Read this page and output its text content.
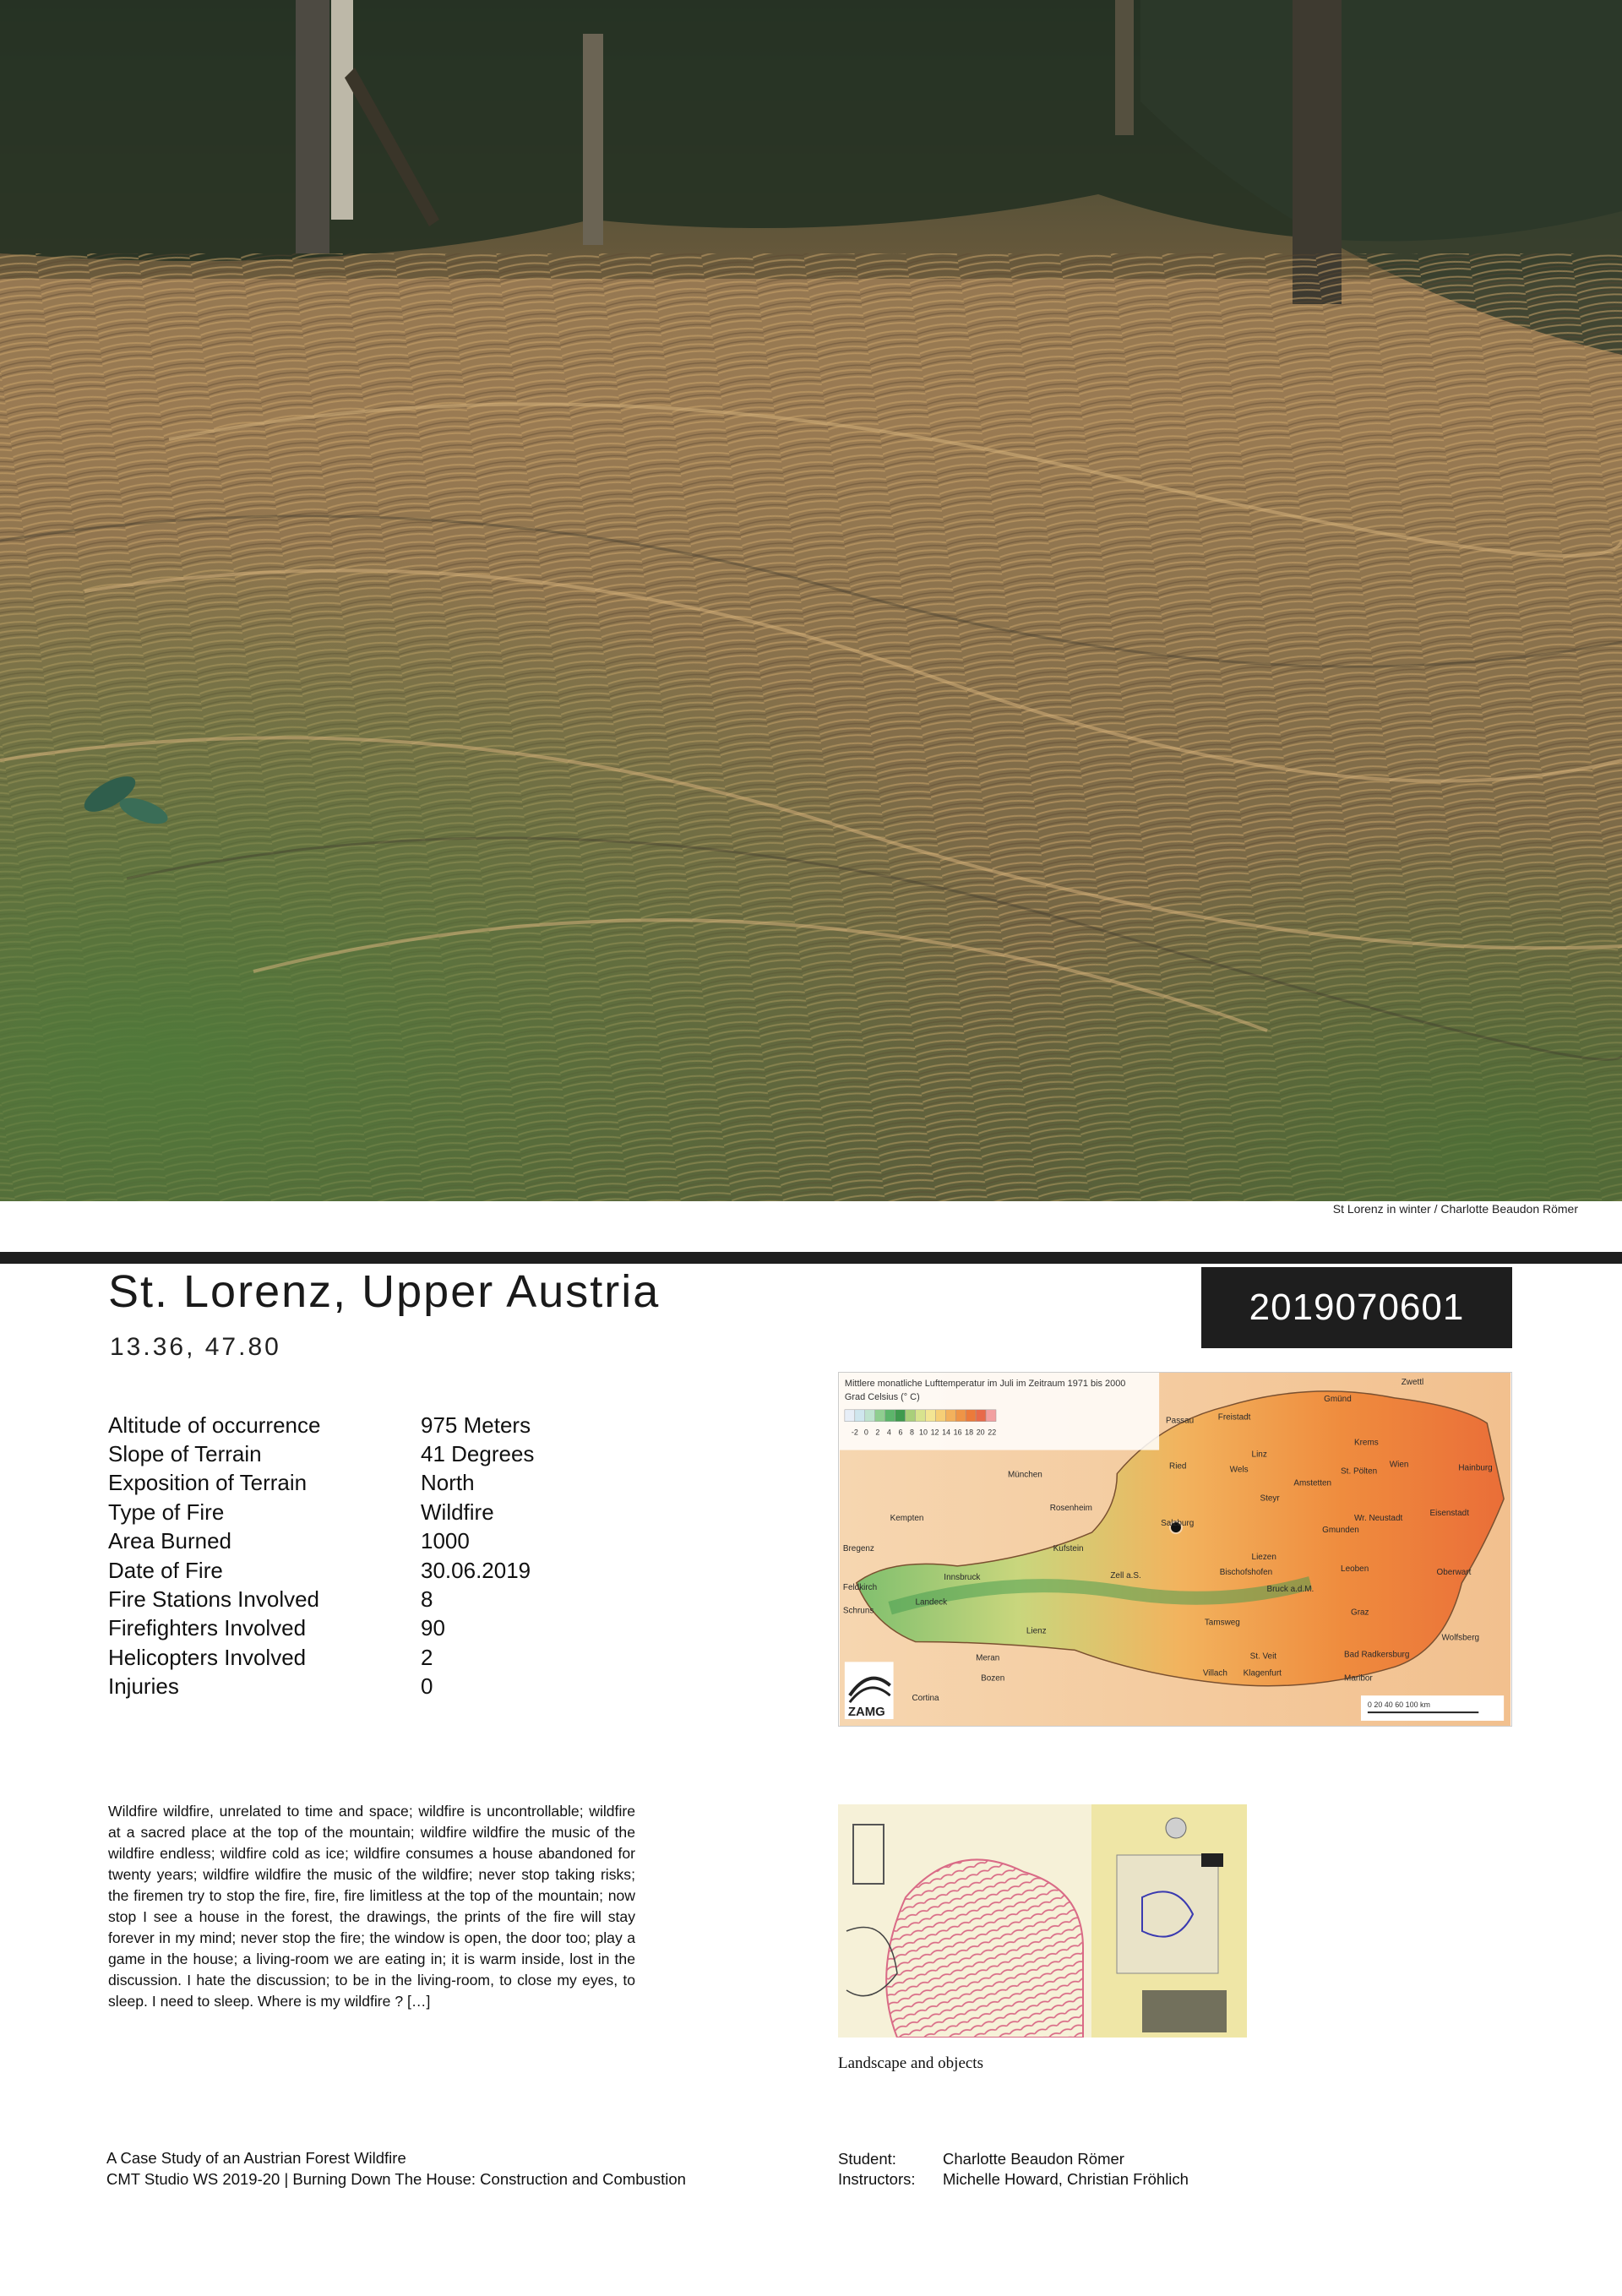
St Lorenz in winter / Charlotte Beaudon Römer
St. Lorenz, Upper Austria
13.36, 47.80
2019070601
Altitude of occurrence	975 Meters
Slope of Terrain	41 Degrees
Exposition of Terrain	North
Type of Fire	Wildfire
Area Burned	1000
Date of Fire	30.06.2019
Fire Stations Involved	8
Firefighters Involved	90
Helicopters Involved	2
Injuries	0
Mittlere monatliche Lufttemperatur im Juli im Zeitraum 1971 bis 2000
Grad Celsius (° C)
-2 0 2 4 6 8 10 12 14 16 18 20 22
ZAMG	0 20 40 60 100 km
Zwettl
Gmünd
Passau	Freistadt
Krems
Ried
Linz
Wels	St. Pölten
Wien	Hainburg
München
Steyr
Amstetten
Kempten
Rosenheim
Salzburg
Gmunden
Wr. Neustadt
Eisenstadt
Bregenz	Kufstein
Oberwart
Liezen
Feldkirch
Innsbruck	Zell a.S.	Bischofshofen	Leoben
Landeck
Bruck a.d.M.
Graz
Schruns
Tamsweg
Lienz
Wolfsberg
Meran	St. Veit	Bad Radkersburg
Bozen
Villach Klagenfurt
Maribor
Cortina

Wildfire wildfire, unrelated to time and space; wildfire is uncontrollable; wildfire at a sacred place at the top of the mountain; wildfire wildfire the music of the wildfire endless; wildfire cold as ice; wildfire consumes a house abandoned for twenty years; wildfire wildfire the music of the wildfire; never stop taking risks; the firemen try to stop the fire, fire, fire limitless at the top of the mountain; now stop I see a house in the forest, the drawings, the prints of the fire will stay forever in my mind; never stop the fire; the window is open, the door too; play a game in the house; a living-room we are eating in; it is warm inside, lost in the discussion. I hate the discussion; to be in the living-room, to close my eyes, to sleep. I need to sleep. Where is my wildfire ? […]

Landscape and objects
A Case Study of an Austrian Forest Wildfire
CMT Studio WS 2019-20 | Burning Down The House: Construction and Combustion
Student:	Charlotte Beaudon Römer
Instructors:	Michelle Howard, Christian Fröhlich
